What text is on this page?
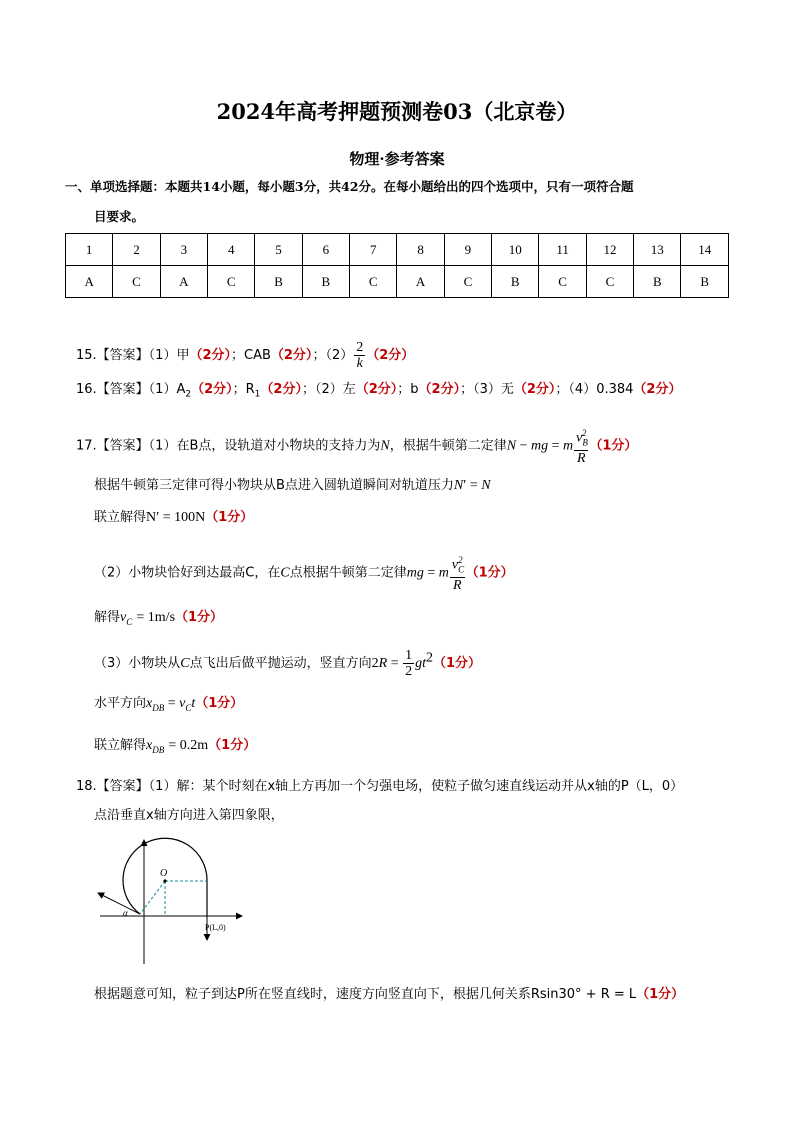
2024年高考押题预测卷03（北京卷）
物理·参考答案
一、单项选择题：本题共14小题，每小题3分，共42分。在每小题给出的四个选项中，只有一项符合题
目要求。
1	2	3	4	5	6	7	8	9	10	11	12	13	14
A	C	A	C	B	B	C	A	C	B	C	C	B	B
15.【答案】（1）甲（2分）；CAB（2分）；$(2) \frac{2}{k} (2$分）
16.【答案】$(1)A_2(2$分）；$R_1(2$分）；（2）左（2分）；b（2分）；（3）无（2分）；（4）0.384（2分）
17.【答案】（1）在B点，设轨道对小物块的支持力为N，根据牛顿第二定律N − mg = m $\frac{v_B^2}{R} (1$分）
根据牛顿第三定律可得小物块从B点进入圆轨道瞬间对轨道压力N′ = N
联立解得N′ = 100N（1分）
（2）小物块恰好到达最高C，在C点根据牛顿第二定律mg = m $\frac{v_C^2}{R} (1$分）
解得$v_C = 1m/s(1$分）
（3）小物块从C点飞出后做平抛运动，竖直方向$2R = \frac{1}{2} gt^2(1$分）
水平方向$x_{DB} = v_Ct(1$分）
联立解得$x_{DB} = 0.2m(1$分）
18.【答案】（1）解：某个时刻在x轴上方再加一个匀强电场，使粒子做匀速直线运动并从x轴的P（L，0）
点沿垂直x轴方向进入第四象限，
O
α
P(L,0)
根据题意可知，粒子到达P所在竖直线时，速度方向竖直向下，根据几何关系Rsin30° + R = L（1分）
